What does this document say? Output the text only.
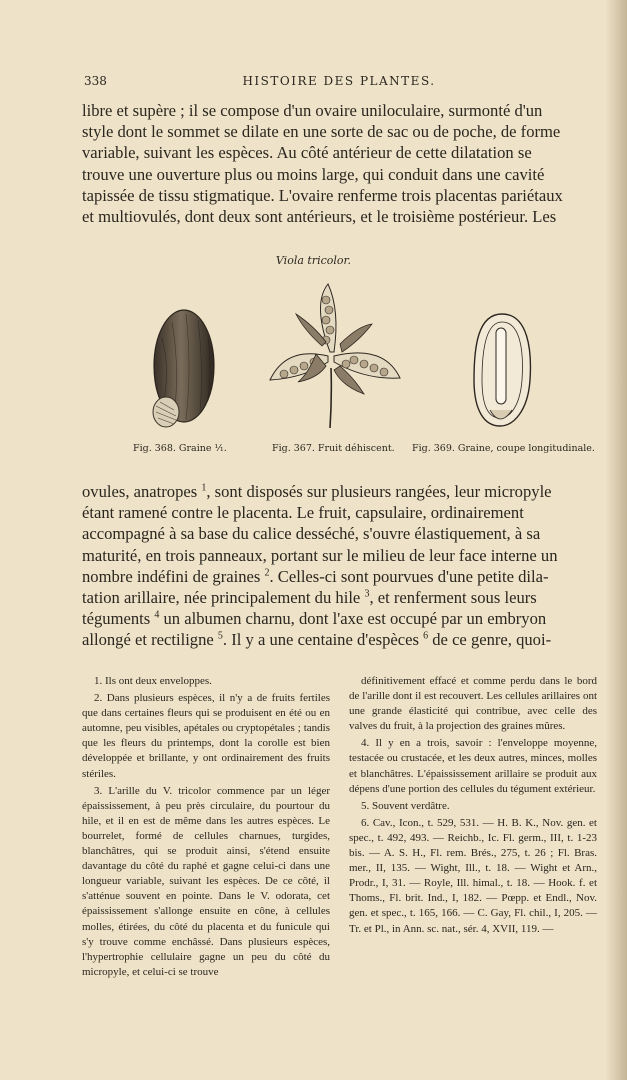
338	HISTOIRE DES PLANTES.
libre et supère ; il se compose d'un ovaire uniloculaire, surmonté d'un
style dont le sommet se dilate en une sorte de sac ou de poche, de forme
variable, suivant les espèces. Au côté antérieur de cette dilatation se
trouve une ouverture plus ou moins large, qui conduit dans une cavité
tapissée de tissu stigmatique. L'ovaire renferme trois placentas pariétaux
et multiovulés, dont deux sont antérieurs, et le troisième postérieur. Les
Viola tricolor.
Fig. 368. Graine ¹⁄₁.	Fig. 367. Fruit déhiscent. Fig. 369. Graine, coupe longitudinale.
ovules, anatropes $^1$, sont disposés sur plusieurs rangées, leur micropyle
étant ramené contre le placenta. Le fruit, capsulaire, ordinairement
accompagné à sa base du calice desséché, s'ouvre élastiquement, à sa
maturité, en trois panneaux, portant sur le milieu de leur face interne un
nombre indéfini de graines $^2$. Celles-ci sont pourvues d'une petite dila-
tation arillaire, née principalement du hile $^3$, et renferment sous leurs
téguments $^4$ un albumen charnu, dont l'axe est occupé par un embryon
allongé et rectiligne $^5$. Il y a une centaine d'espèces $^6$ de ce genre, quoi-
1. Ils ont deux enveloppes.
2. Dans plusieurs espèces, il n'y a de fruits fertiles que dans certaines fleurs qui se produisent en été ou en automne, peu visibles, apétales ou cryptopétales ; tandis que les fleurs du printemps, dont la corolle est bien développée et brillante, y ont ordinairement des fruits stériles.
3. L'arille du V. tricolor commence par un léger épaississement, à peu près circulaire, du pourtour du hile, et il en est de même dans les autres espèces. Le bourrelet, formé de cellules charnues, turgides, blanchâtres, qui se produit ainsi, s'étend ensuite davantage du côté du raphé et gagne celui-ci dans une longueur variable, suivant les espèces. De ce côté, il s'atténue souvent en pointe. Dans le V. odorata, cet épaississement s'allonge ensuite en cône, à cellules molles, étirées, du côté du placenta et du funicule qui s'y trouve comme enchâssé. Dans plusieurs espèces, l'hypertrophie cellulaire gagne un peu du côté du micropyle, et celui-ci se trouve
définitivement effacé et comme perdu dans le bord de l'arille dont il est recouvert. Les cellules arillaires ont une grande élasticité qui contribue, avec celle des valves du fruit, à la projection des graines mûres.
4. Il y en a trois, savoir : l'enveloppe moyenne, testacée ou crustacée, et les deux autres, minces, molles et blanchâtres. L'épaississement arillaire se produit aux dépens d'une portion des cellules du tégument extérieur.
5. Souvent verdâtre.
6. Cav., Icon., t. 529, 531. — H. B. K., Nov. gen. et spec., t. 492, 493. — Reichb., Ic. Fl. germ., III, t. 1-23 bis. — A. S. H., Fl. rem. Brés., 275, t. 26 ; Fl. Bras. mer., II, 135. — Wight, Ill., t. 18. — Wight et Arn., Prodr., I, 31. — Royle, Ill. himal., t. 18. — Hook. f. et Thoms., Fl. brit. Ind., I, 182. — Pœpp. et Endl., Nov. gen. et spec., t. 165, 166. — C. Gay, Fl. chil., I, 205. — Tr. et Pl., in Ann. sc. nat., sér. 4, XVII, 119. —
